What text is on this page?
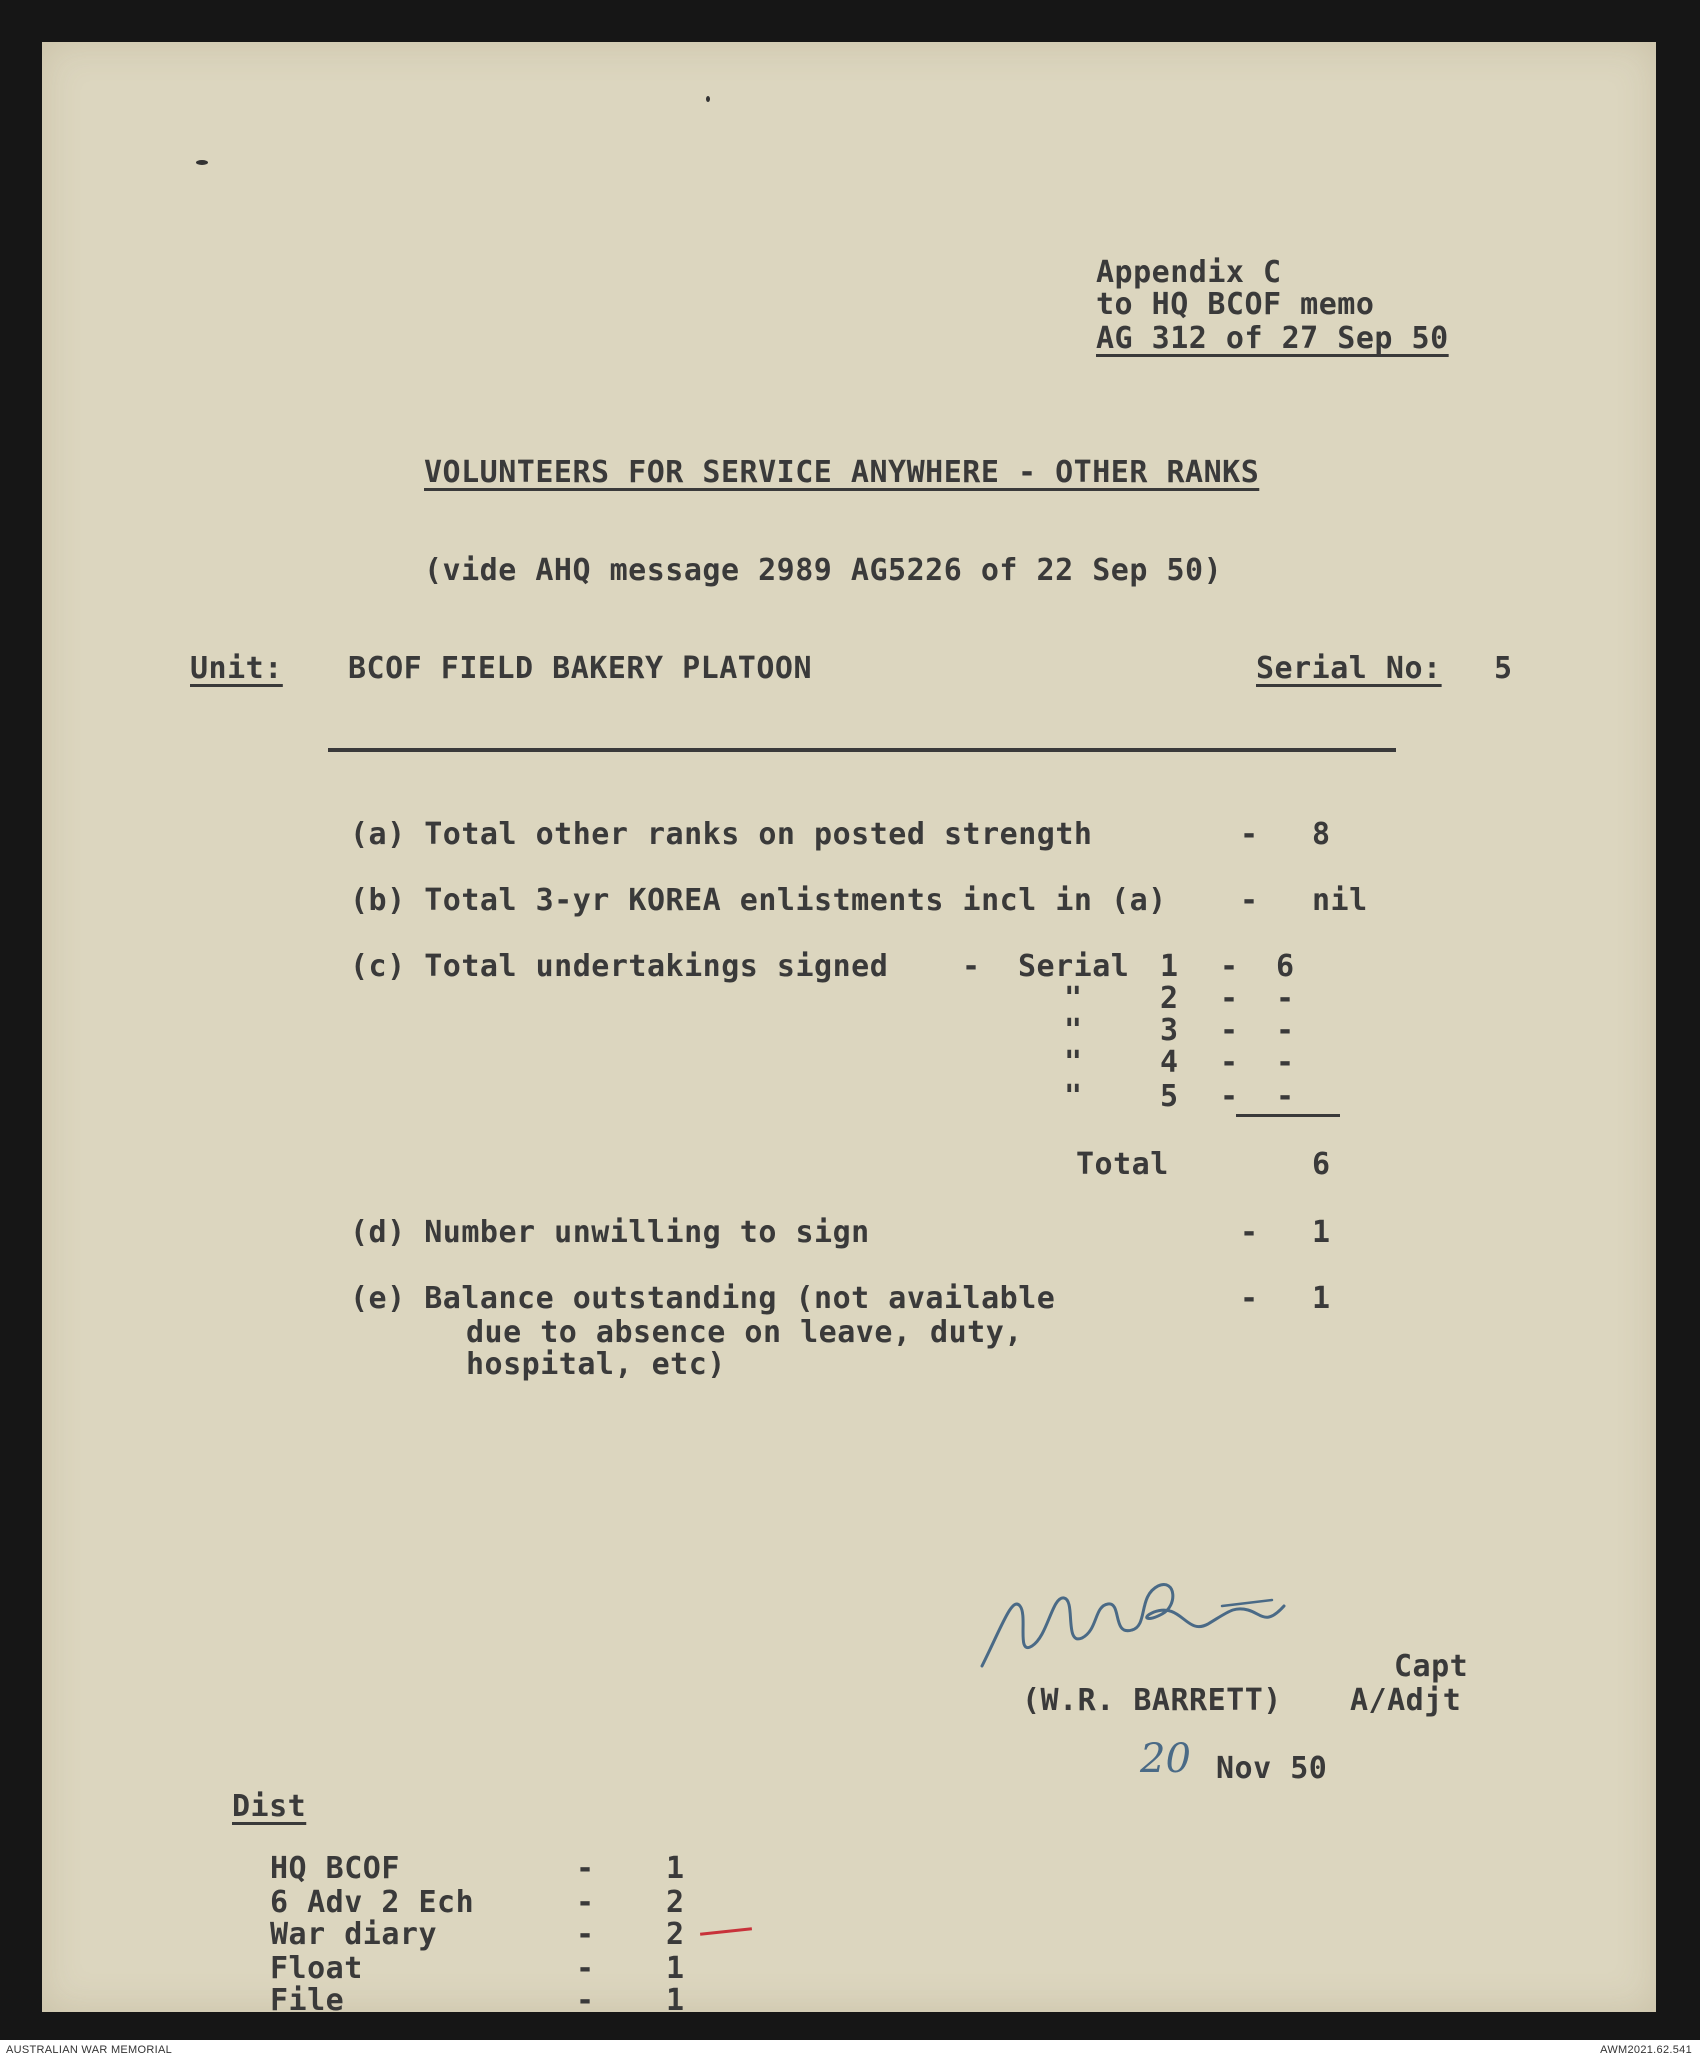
Appendix C
to HQ BCOF memo
AG 312 of 27 Sep 50
VOLUNTEERS FOR SERVICE ANYWHERE - OTHER RANKS
(vide AHQ message 2989 AG5226 of 22 Sep 50)
Unit: BCOF FIELD BAKERY PLATOON	Serial No: 5
(a) Total other ranks on posted strength	- 8
(b) Total 3-yr KOREA enlistments incl in (a) - nil
(c) Total undertakings signed - Serial 1 - 6
"	2 - -
"	3 - -
"	4 - -
"	5 - -
Total	6
(d) Number unwilling to sign	- 1
(e) Balance outstanding (not available	- 1
due to absence on leave, duty,
hospital, etc)
Capt
(W.R. BARRETT) A/Adjt
20 Nov 50
Dist
HQ BCOF	- 1
6 Adv 2 Ech	- 2
War diary	- 2
Float	- 1
File	- 1
AUSTRALIAN WAR MEMORIAL	AWM2021.62.541
